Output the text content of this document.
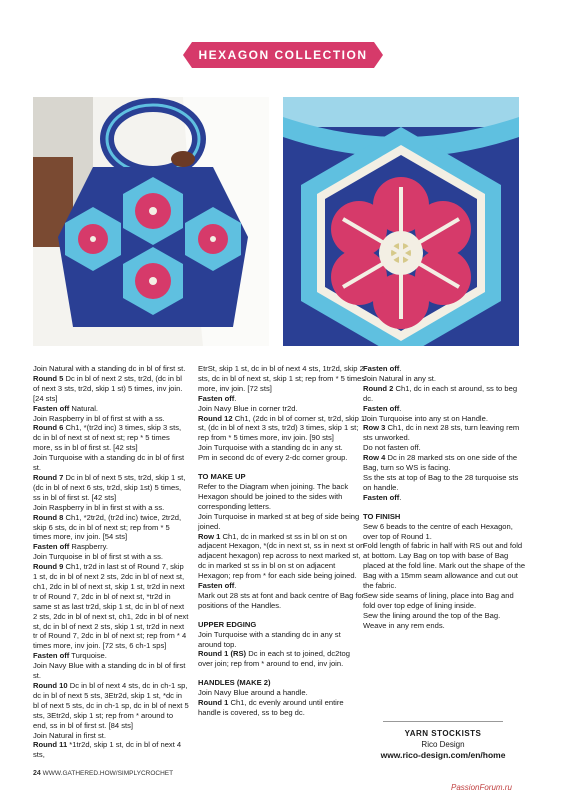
HEXAGON COLLECTION

Join Natural with a standing dc in bl of first st.

Round 5 Dc in bl of next 2 sts, tr2d, (dc in bl of next 3 sts, tr2d, skip 1 st) 5 times, inv join.

[24 sts]

Fasten off Natural.

Join Raspberry in bl of first st with a ss.

Round 6 Ch1, *(tr2d inc) 3 times, skip 3 sts, dc in bl of next st of next st; rep * 5 times more, ss in bl of first st. [42 sts]

Join Turquoise with a standing dc in bl of first st.

Round 7 Dc in bl of next 5 sts, tr2d, skip 1 st, (dc in bl of next 6 sts, tr2d, skip 1st) 5 times, ss in bl of first st. [42 sts]

Join Raspberry in bl in first st with a ss.

Round 8 Ch1, *2tr2d, (tr2d inc) twice, 2tr2d, skip 6 sts, dc in bl of next st; rep from * 5 times more, inv join. [54 sts]

Fasten off Raspberry.

Join Turquoise in bl of first st with a ss.

Round 9 Ch1, tr2d in last st of Round 7, skip 1 st, dc in bl of next 2 sts, 2dc in bl of next st, ch1, 2dc in bl of next st, skip 1 st, tr2d in next tr of Round 7, 2dc in bl of next st, *tr2d in same st as last tr2d, skip 1 st, dc in bl of next 2 sts, 2dc in bl of next st, ch1, 2dc in bl of next st, dc in bl of next 2 sts, skip 1 st, tr2d in next tr of Round 7, 2dc in bl of next st; rep from * 4 times more, inv join. [72 sts, 6 ch-1 sps]

Fasten off Turquoise.

Join Navy Blue with a standing dc in bl of first st.

Round 10 Dc in bl of next 4 sts, dc in ch-1 sp, dc in bl of next 5 sts, 3Etr2d, skip 1 st, *dc in bl of next 5 sts, dc in ch-1 sp, dc in bl of next 5 sts, 3Etr2d, skip 1 st; rep from * around to end, ss in bl of first st. [84 sts]

Join Natural in first st.

Round 11 *1tr2d, skip 1 st, dc in bl of next 4 sts,

EtrSt, skip 1 st, dc in bl of next 4 sts, 1tr2d, skip 2 sts, dc in bl of next st, skip 1 st; rep from * 5 times more, inv join. [72 sts]

Fasten off.

Join Navy Blue in corner tr2d.

Round 12 Ch1, (2dc in bl of corner st, tr2d, skip 1 st, (dc in bl of next 3 sts, tr2d) 3 times, skip 1 st; rep from * 5 times more, inv join. [90 sts]

Join Turquoise with a standing dc in any st.

Pm in second dc of every 2-dc corner group.

TO MAKE UP

Refer to the Diagram when joining. The back Hexagon should be joined to the sides with corresponding letters.

Join Turquoise in marked st at beg of side being joined.

Row 1 Ch1, dc in marked st ss in bl on st on adjacent Hexagon, *(dc in next st, ss in next st on adjacent hexagon) rep across to next marked st, dc in marked st ss in bl on st on adjacent Hexagon; rep from * for each side being joined.

Fasten off.

Mark out 28 sts at font and back centre of Bag for positions of the Handles.

UPPER EDGING

Join Turquoise with a standing dc in any st around top.

Round 1 (RS) Dc in each st to joined, dc2tog over join; rep from * around to end, inv join.

HANDLES (MAKE 2)

Join Navy Blue around a handle.

Round 1 Ch1, dc evenly around until entire handle is covered, ss to beg dc.

Fasten off.

Join Natural in any st.

Round 2 Ch1, dc in each st around, ss to beg dc.

Fasten off.

Join Turquoise into any st on Handle.

Row 3 Ch1, dc in next 28 sts, turn leaving rem sts unworked.

Do not fasten off.

Row 4 Dc in 28 marked sts on one side of the Bag, turn so WS is facing.

Ss the sts at top of Bag to the 28 turquoise sts on handle.

Fasten off.

TO FINISH

Sew 6 beads to the centre of each Hexagon, over top of Round 1.

Fold length of fabric in half with RS out and fold at bottom. Lay Bag on top with base of Bag placed at the fold line. Mark out the shape of the Bag with a 15mm seam allowance and cut out the fabric.

Sew side seams of lining, place into Bag and fold over top edge of lining inside.

Sew the lining around the top of the Bag.

Weave in any rem ends.

YARN STOCKISTS
Rico Design
www.rico-design.com/en/home
24 WWW.GATHERED.HOW/SIMPLYCROCHET
PassionForum.ru
